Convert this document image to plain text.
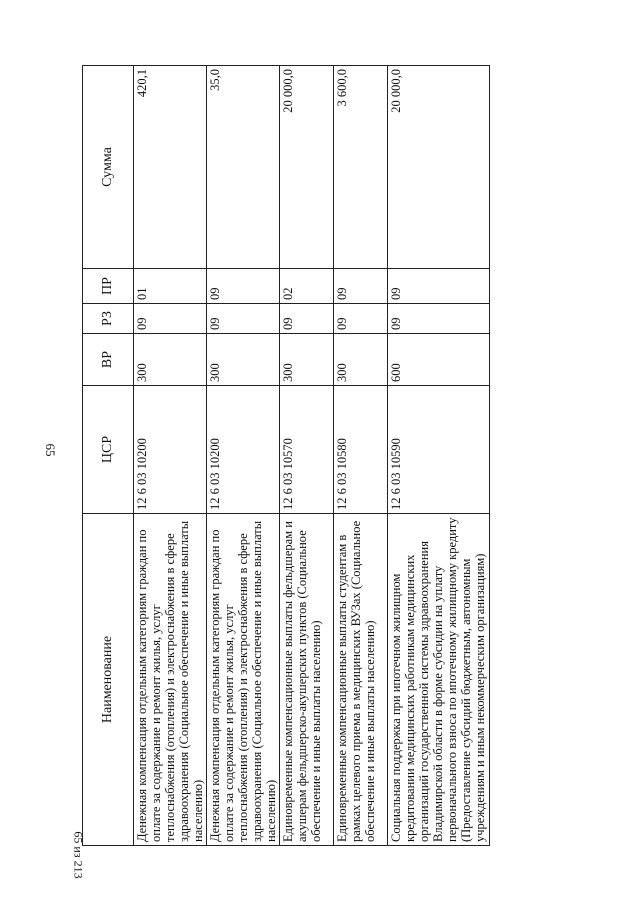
65
Наименование	ЦСР	ВР	РЗ	ПР	Сумма
Денежная компенсация отдельным категориям граждан по оплате за содержание и ремонт жилья, услуг теплоснабжения (отопления) и электроснабжения в сфере здравоохранения (Социальное обеспечение и иные выплаты населению)	12 6 03 10200	300	09	01	420,1
Денежная компенсация отдельным категориям граждан по оплате за содержание и ремонт жилья, услуг теплоснабжения (отопления) и электроснабжения в сфере здравоохранения (Социальное обеспечение и иные выплаты населению)	12 6 03 10200	300	09	09	35,0
Единовременные компенсационные выплаты фельдшерам и акушерам фельдшерско-акушерских пунктов (Социальное обеспечение и иные выплаты населению)	12 6 03 10570	300	09	02	20 000,0
Единовременные компенсационные выплаты студентам в рамках целевого приема в медицинских ВУЗах (Социальное обеспечение и иные выплаты населению)	12 6 03 10580	300	09	09	3 600,0
Социальная поддержка при ипотечном жилищном кредитовании медицинских работникам медицинских организаций государственной системы здравоохранения Владимирской области в форме субсидии на уплату первоначального взноса по ипотечному жилищному кредиту (Предоставление субсидий бюджетным, автономным учреждениям и иным некоммерческим организациям)	12 6 03 10590	600	09	09	20 000,0
65 из 213
